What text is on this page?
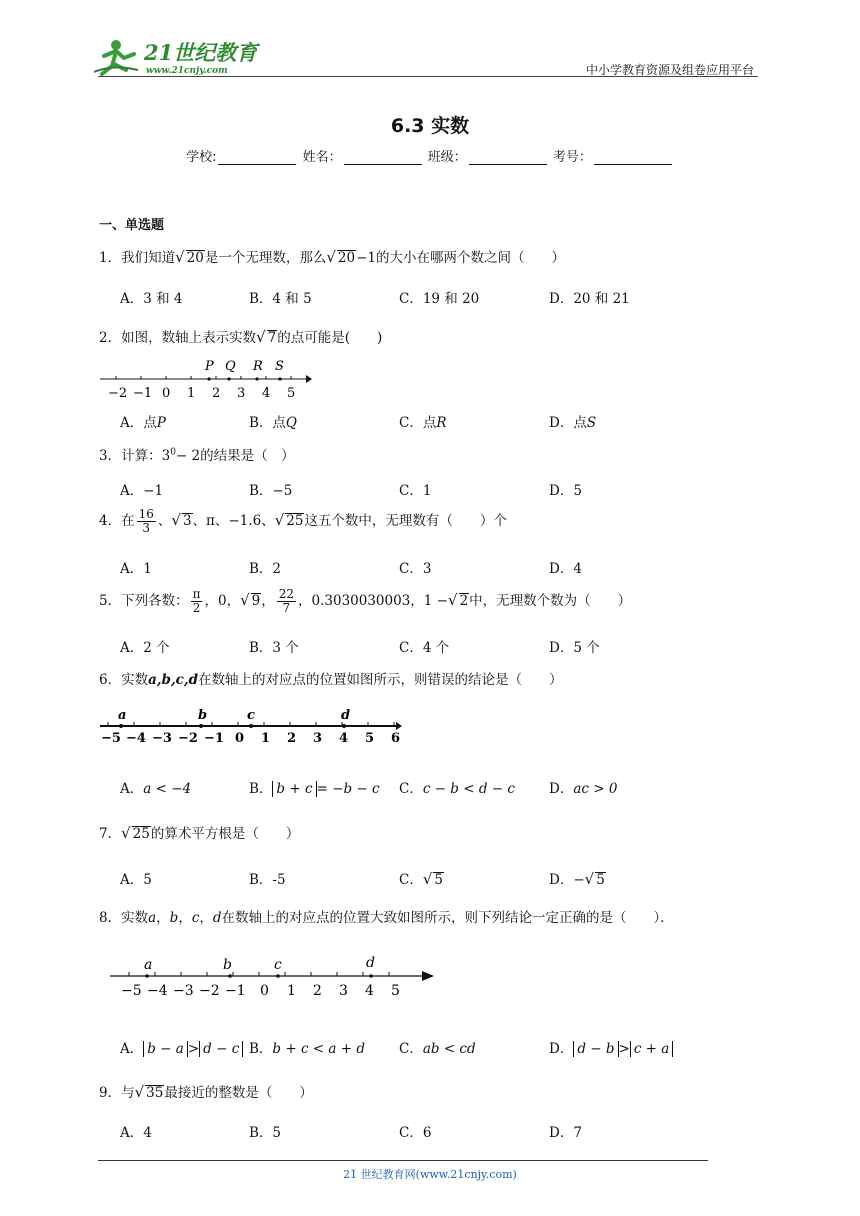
21世纪教育
www.21cnjy.com	中小学教育资源及组卷应用平台
6.3 实数
学校:	姓名：	班级：	考号：
一、单选题
1．我们知道√ 20是一个无理数，那么√ 20−1的大小在哪两个数之间（　　）
A．3 和 4	B．4 和 5	C．19 和 20	D．20 和 21
2．如图，数轴上表示实数√ 7的点可能是(　　)
−2 −1 0 1 2 3 4 5
P Q R S
A．点P	B．点Q	C．点R	D．点S
3．计算：$3^0- 2$的结果是（　）
A．−1	B．−5	C．1	D．5
4．在 $\frac{16}{3}$ 、√ 3、π、−1.6、√ 25这五个数中，无理数有（　　）个
A．1	B．2	C．3	D．4
5．下列各数： $\frac{\pi}{2}$ ，0，√ 9， $\frac{22}{7}$ ，0.3030030003，1 −√ 2中，无理数个数为（　　）
A．2 个	B．3 个	C．4 个	D．5 个
6．实数a,b,c,d在数轴上的对应点的位置如图所示，则错误的结论是（　　）
−5 −4 −3 −2 −1 0 1 2 3 4 5 6
a	b	c	d
A．a < −4	B． b + c = −b − c C．c − b < d − c	D．ac > 0
7．√ 25的算术平方根是（　　）
A．5	B．-5	C．√ 5	D．−√ 5
8．实数a，b，c，d在数轴上的对应点的位置大致如图所示，则下列结论一定正确的是（　　）．
−5 −4 −3 −2 −1 0 1 2 3 4 5
a	b	c	d
A． b − a > d − c B．b + c < a + d	C．ab < cd	D． d − b > c + a
9．与√ 35最接近的整数是（　　）
A．4	B．5	C．6	D．7
21 世纪教育网(www.21cnjy.com)
